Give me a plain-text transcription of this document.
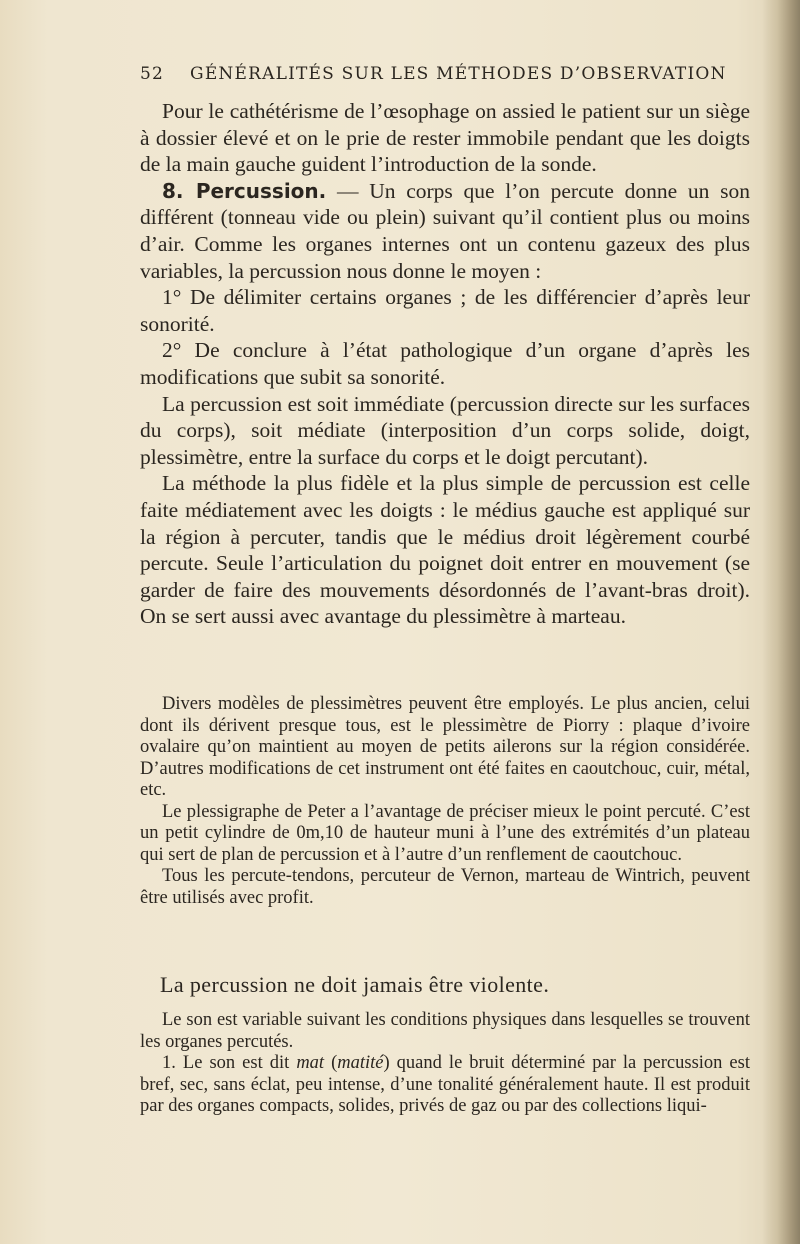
52 GÉNÉRALITÉS SUR LES MÉTHODES D’OBSERVATION

Pour le cathétérisme de l’œsophage on assied le patient sur un siège à dossier élevé et on le prie de rester immobile pendant que les doigts de la main gauche guident l’introduction de la sonde.

8. Percussion. — Un corps que l’on percute donne un son différent (tonneau vide ou plein) suivant qu’il contient plus ou moins d’air. Comme les organes internes ont un contenu gazeux des plus variables, la percussion nous donne le moyen :

1° De délimiter certains organes ; de les différencier d’après leur sonorité.

2° De conclure à l’état pathologique d’un organe d’après les modifications que subit sa sonorité.

La percussion est soit immédiate (percussion directe sur les surfaces du corps), soit médiate (interposition d’un corps solide, doigt, plessimètre, entre la surface du corps et le doigt percutant).

La méthode la plus fidèle et la plus simple de percussion est celle faite médiatement avec les doigts : le médius gauche est appliqué sur la région à percuter, tandis que le médius droit légèrement courbé percute. Seule l’articulation du poignet doit entrer en mouvement (se garder de faire des mouvements désordonnés de l’avant-bras droit). On se sert aussi avec avantage du plessimètre à marteau.

Divers modèles de plessimètres peuvent être employés. Le plus ancien, celui dont ils dérivent presque tous, est le plessimètre de Piorry : plaque d’ivoire ovalaire qu’on maintient au moyen de petits ailerons sur la région considérée. D’autres modifications de cet instrument ont été faites en caoutchouc, cuir, métal, etc.

Le plessigraphe de Peter a l’avantage de préciser mieux le point percuté. C’est un petit cylindre de 0m,10 de hauteur muni à l’une des extrémités d’un plateau qui sert de plan de percussion et à l’autre d’un renflement de caoutchouc.

Tous les percute-tendons, percuteur de Vernon, marteau de Wintrich, peuvent être utilisés avec profit.

La percussion ne doit jamais être violente.

Le son est variable suivant les conditions physiques dans lesquelles se trouvent les organes percutés.

1. Le son est dit mat (matité) quand le bruit déterminé par la percussion est bref, sec, sans éclat, peu intense, d’une tonalité généralement haute. Il est produit par des organes compacts, solides, privés de gaz ou par des collections liqui-
